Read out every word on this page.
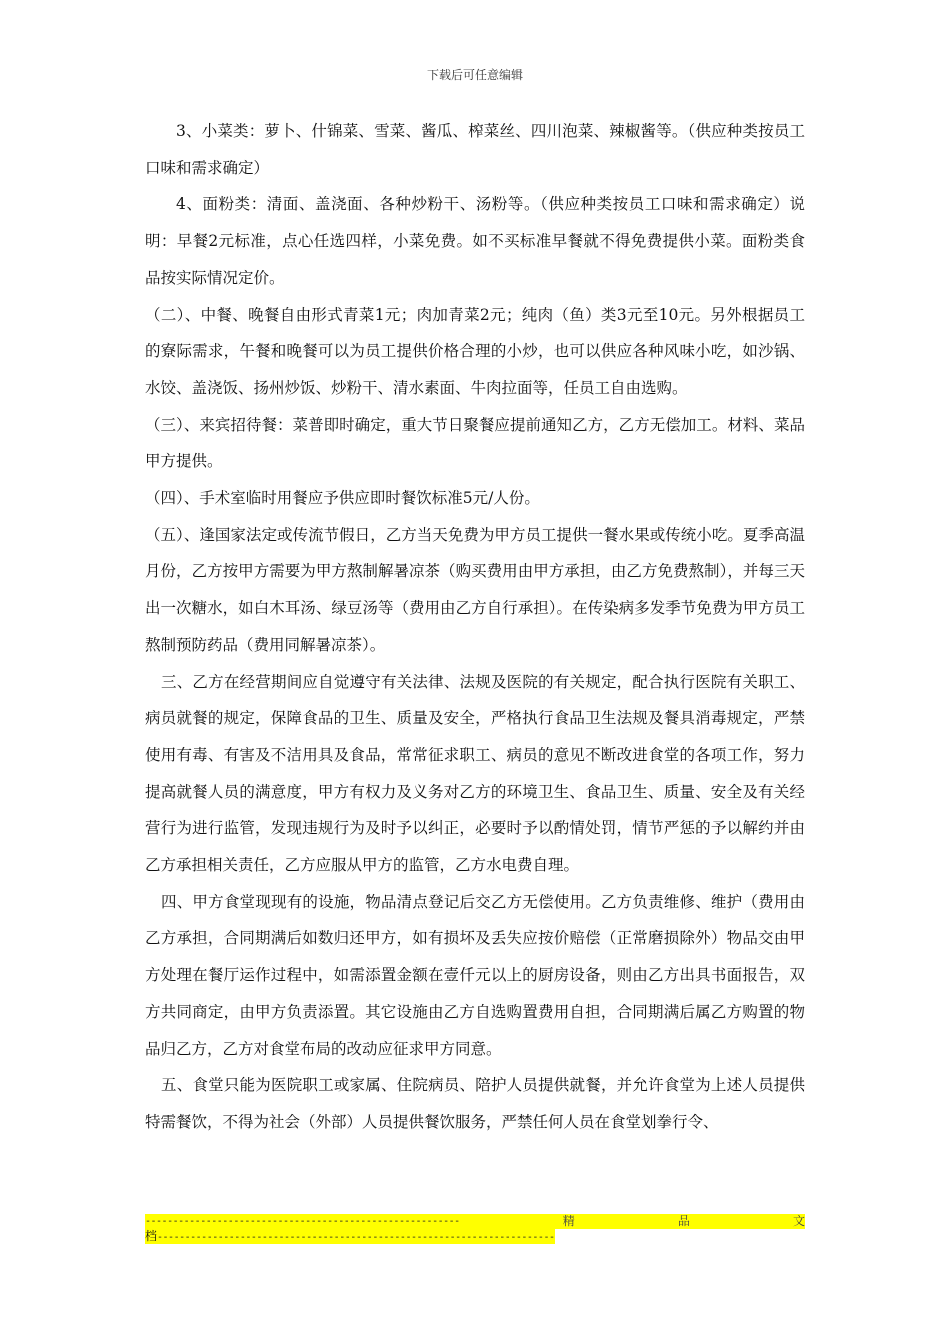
下载后可任意编辑

3、小菜类：萝卜、什锦菜、雪菜、酱瓜、榨菜丝、四川泡菜、辣椒酱等。（供应种类按员工口味和需求确定）

4、面粉类：清面、盖浇面、各种炒粉干、汤粉等。（供应种类按员工口味和需求确定）说明：早餐2元标准，点心任选四样，小菜免费。如不买标准早餐就不得免费提供小菜。面粉类食品按实际情况定价。

（二）、中餐、晚餐自由形式青菜1元；肉加青菜2元；纯肉（鱼）类3元至10元。另外根据员工的寮际需求，午餐和晚餐可以为员工提供价格合理的小炒，也可以供应各种风味小吃，如沙锅、水饺、盖浇饭、扬州炒饭、炒粉干、清水素面、牛肉拉面等，任员工自由选购。

（三）、来宾招待餐：菜普即时确定，重大节日聚餐应提前通知乙方，乙方无偿加工。材料、菜品甲方提供。

（四）、手术室临时用餐应予供应即时餐饮标准5元/人份。

（五）、逢国家法定或传流节假日，乙方当天免费为甲方员工提供一餐水果或传统小吃。夏季高温月份，乙方按甲方需要为甲方熬制解暑凉茶（购买费用由甲方承担，由乙方免费熬制），并每三天出一次糖水，如白木耳汤、绿豆汤等（费用由乙方自行承担）。在传染病多发季节免费为甲方员工熬制预防药品（费用同解暑凉茶）。

三、乙方在经营期间应自觉遵守有关法律、法规及医院的有关规定，配合执行医院有关职工、病员就餐的规定，保障食品的卫生、质量及安全，严格执行食品卫生法规及餐具消毒规定，严禁使用有毒、有害及不洁用具及食品，常常征求职工、病员的意见不断改进食堂的各项工作，努力提高就餐人员的满意度，甲方有权力及义务对乙方的环境卫生、食品卫生、质量、安全及有关经营行为进行监管，发现违规行为及时予以纠正，必要时予以酌情处罚，情节严惩的予以解约并由乙方承担相关责任，乙方应服从甲方的监管，乙方水电费自理。

四、甲方食堂现现有的设施，物品清点登记后交乙方无偿使用。乙方负责维修、维护（费用由乙方承担，合同期满后如数归还甲方，如有损坏及丢失应按价赔偿（正常磨损除外）物品交由甲方处理在餐厅运作过程中，如需添置金额在壹仟元以上的厨房设备，则由乙方出具书面报告，双方共同商定，由甲方负责添置。其它设施由乙方自选购置费用自担，合同期满后属乙方购置的物品归乙方，乙方对食堂布局的改动应征求甲方同意。

五、食堂只能为医院职工或家属、住院病员、陪护人员提供就餐，并允许食堂为上述人员提供特需餐饮，不得为社会（外部）人员提供餐饮服务，严禁任何人员在食堂划拳行令、

---------------------------------------------------------	精	品	文
档------------------------------------------------------------------------
